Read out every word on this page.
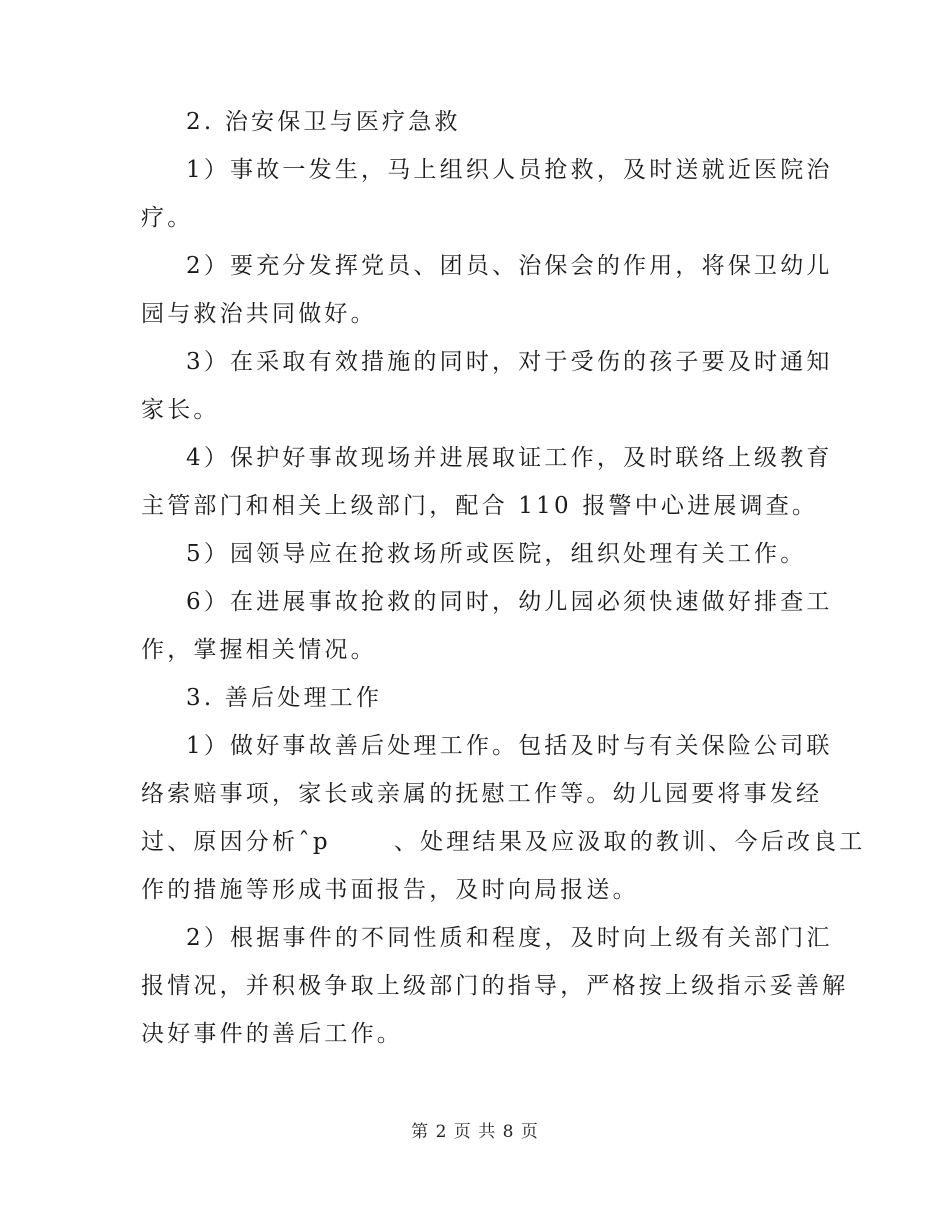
2. 治安保卫与医疗急救
1）事故一发生，马上组织人员抢救，及时送就近医院治
疗。
2）要充分发挥党员、团员、治保会的作用，将保卫幼儿
园与救治共同做好。
3）在采取有效措施的同时，对于受伤的孩子要及时通知
家长。
4）保护好事故现场并进展取证工作，及时联络上级教育
主管部门和相关上级部门，配合 110 报警中心进展调查。
5）园领导应在抢救场所或医院，组织处理有关工作。
6）在进展事故抢救的同时，幼儿园必须快速做好排查工
作，掌握相关情况。
3. 善后处理工作
1）做好事故善后处理工作。包括及时与有关保险公司联
络索赔事项，家长或亲属的抚慰工作等。幼儿园要将事发经
过、原因分析ˆp      、处理结果及应汲取的教训、今后改良工
作的措施等形成书面报告，及时向局报送。
2）根据事件的不同性质和程度，及时向上级有关部门汇
报情况，并积极争取上级部门的指导，严格按上级指示妥善解
决好事件的善后工作。
第 2 页 共 8 页
